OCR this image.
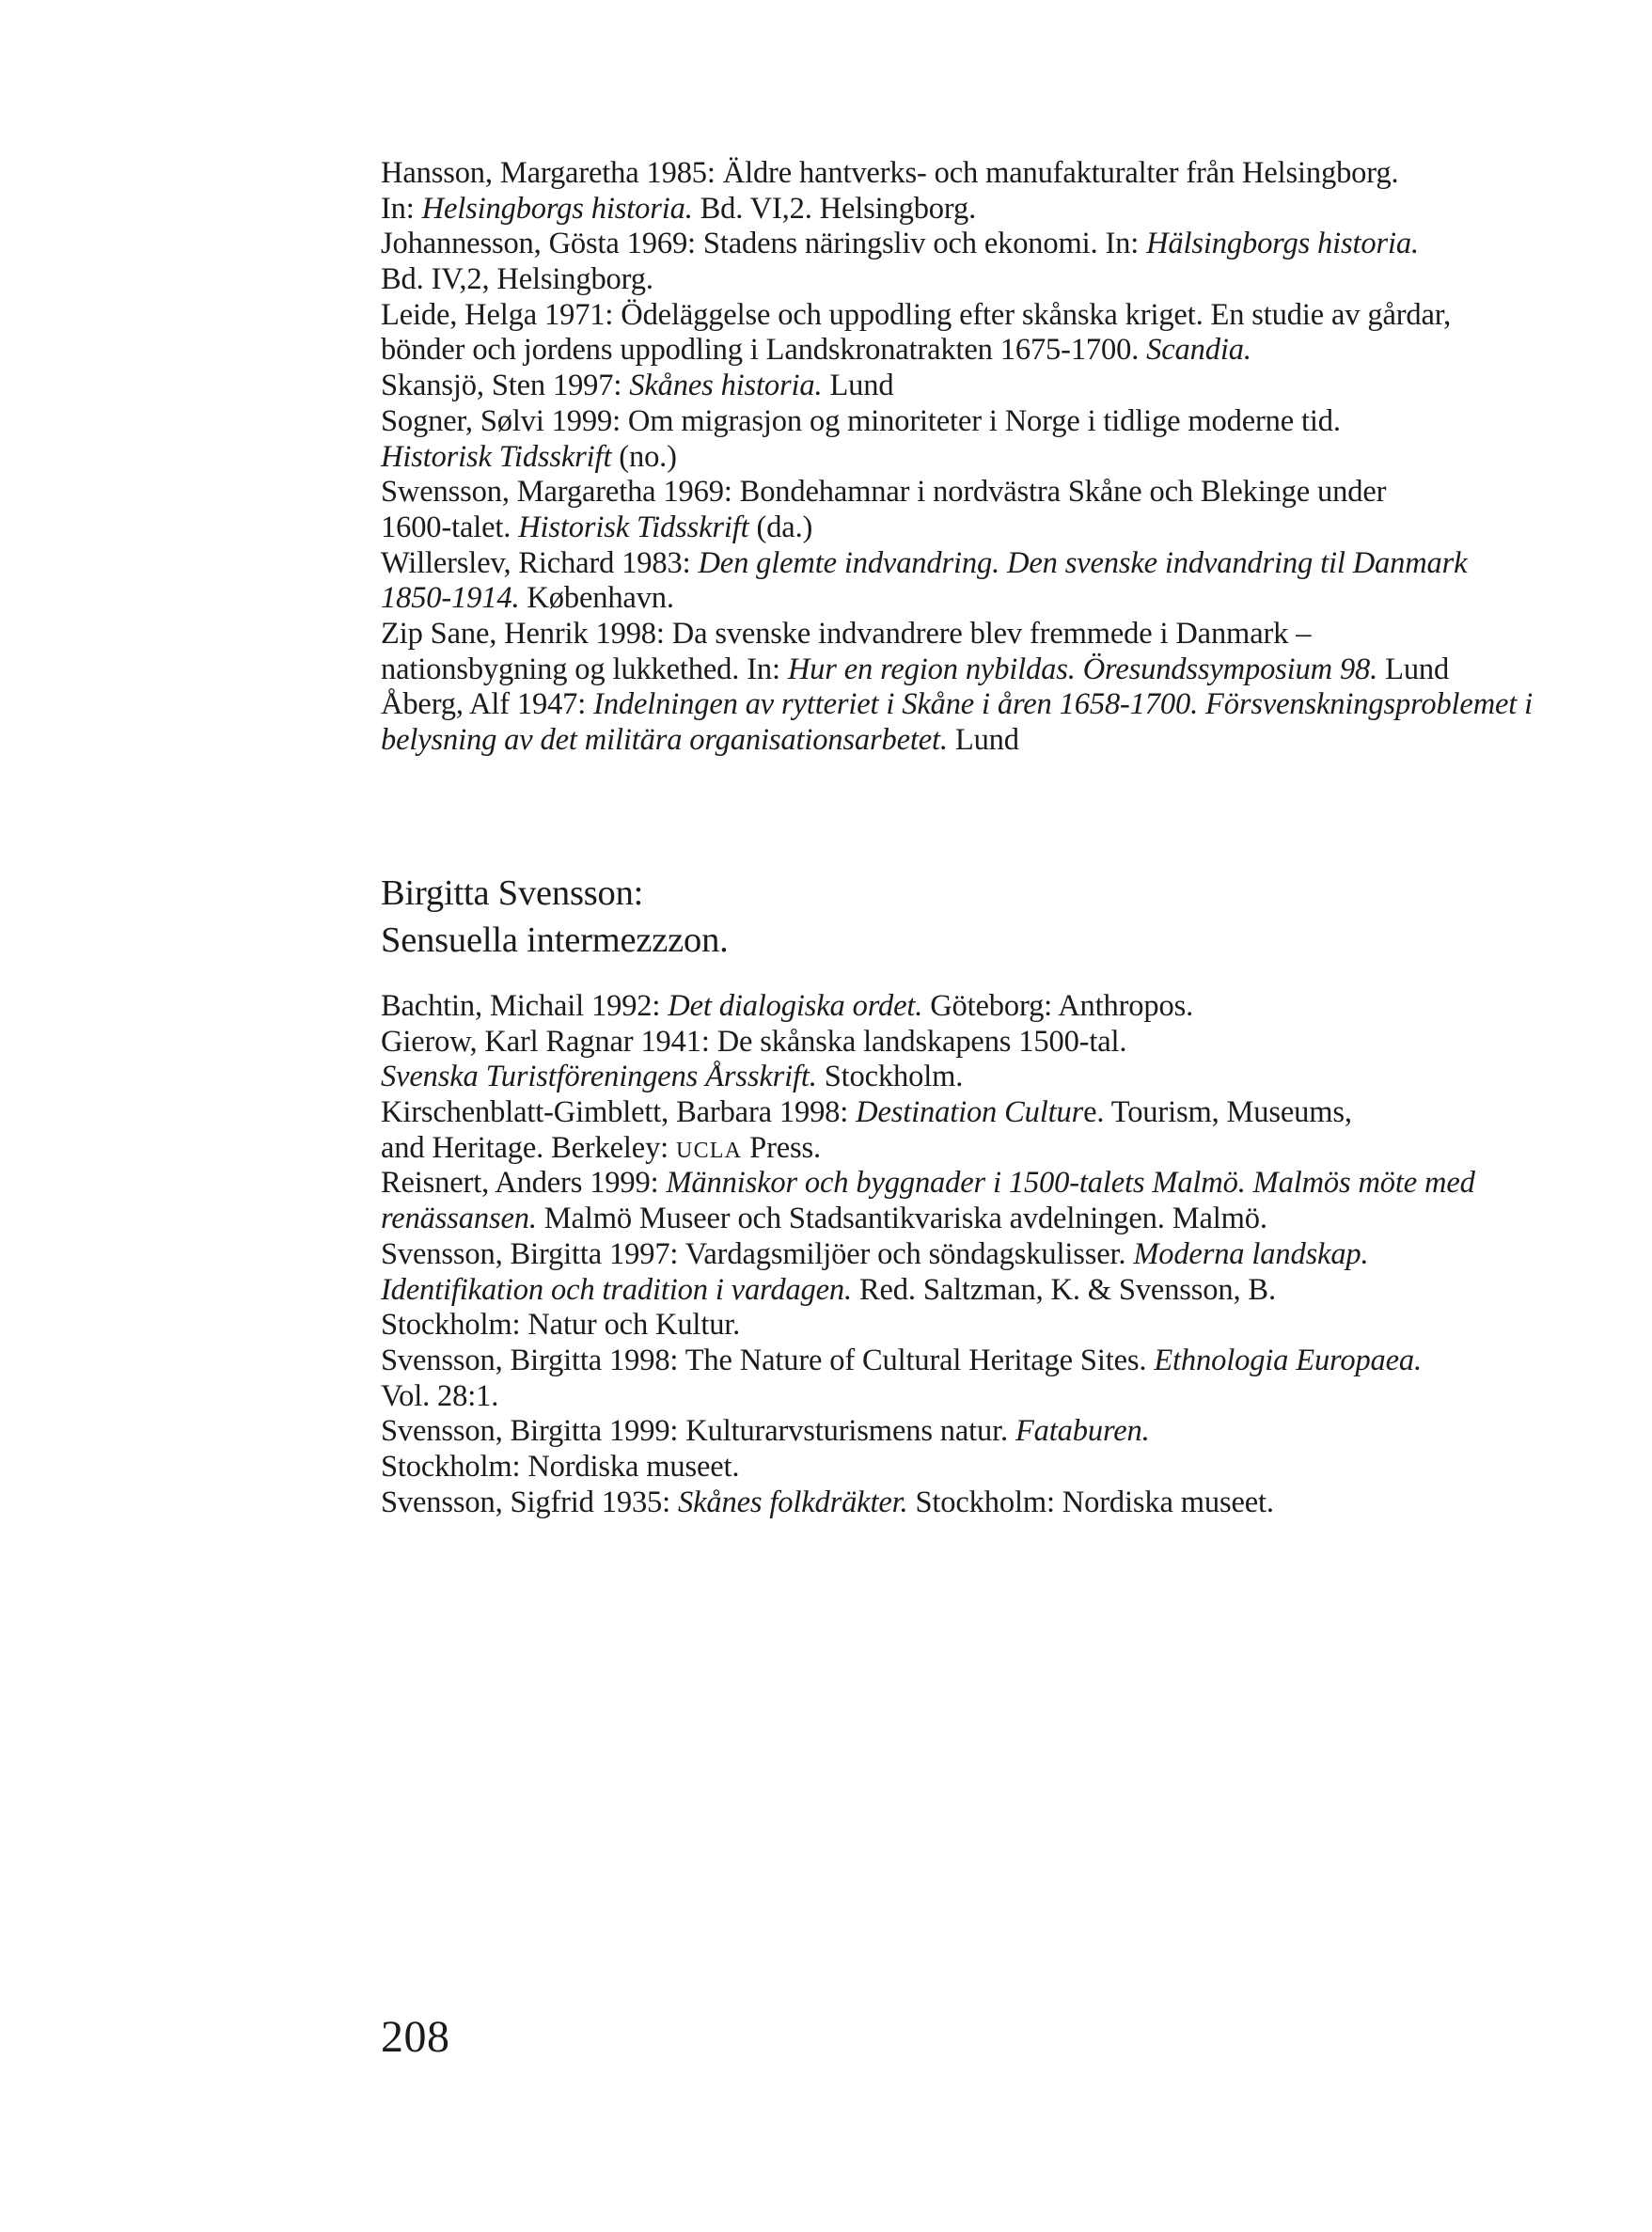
Hansson, Margaretha 1985: Äldre hantverks- och manufakturalter från Helsingborg.
In: Helsingborgs historia. Bd. VI,2. Helsingborg.
Johannesson, Gösta 1969: Stadens näringsliv och ekonomi. In: Hälsingborgs historia.
Bd. IV,2, Helsingborg.
Leide, Helga 1971: Ödeläggelse och uppodling efter skånska kriget. En studie av gårdar,
bönder och jordens uppodling i Landskronatrakten 1675-1700. Scandia.
Skansjö, Sten 1997: Skånes historia. Lund
Sogner, Sølvi 1999: Om migrasjon og minoriteter i Norge i tidlige moderne tid.
Historisk Tidsskrift (no.)
Swensson, Margaretha 1969: Bondehamnar i nordvästra Skåne och Blekinge under
1600-talet. Historisk Tidsskrift (da.)
Willerslev, Richard 1983: Den glemte indvandring. Den svenske indvandring til Danmark
1850-1914. København.
Zip Sane, Henrik 1998: Da svenske indvandrere blev fremmede i Danmark –
nationsbygning og lukkethed. In: Hur en region nybildas. Öresundssymposium 98. Lund
Åberg, Alf 1947: Indelningen av rytteriet i Skåne i åren 1658-1700. Försvenskningsproblemet i
belysning av det militära organisationsarbetet. Lund
Birgitta Svensson:
Sensuella intermezzzon.
Bachtin, Michail 1992: Det dialogiska ordet. Göteborg: Anthropos.
Gierow, Karl Ragnar 1941: De skånska landskapens 1500-tal.
Svenska Turistföreningens Årsskrift. Stockholm.
Kirschenblatt-Gimblett, Barbara 1998: Destination Culture. Tourism, Museums,
and Heritage. Berkeley: UCLA Press.
Reisnert, Anders 1999: Människor och byggnader i 1500-talets Malmö. Malmös möte med
renässansen. Malmö Museer och Stadsantikvariska avdelningen. Malmö.
Svensson, Birgitta 1997: Vardagsmiljöer och söndagskulisser. Moderna landskap.
Identifikation och tradition i vardagen. Red. Saltzman, K. & Svensson, B.
Stockholm: Natur och Kultur.
Svensson, Birgitta 1998: The Nature of Cultural Heritage Sites. Ethnologia Europaea.
Vol. 28:1.
Svensson, Birgitta 1999: Kulturarvsturismens natur. Fataburen.
Stockholm: Nordiska museet.
Svensson, Sigfrid 1935: Skånes folkdräkter. Stockholm: Nordiska museet.
208
